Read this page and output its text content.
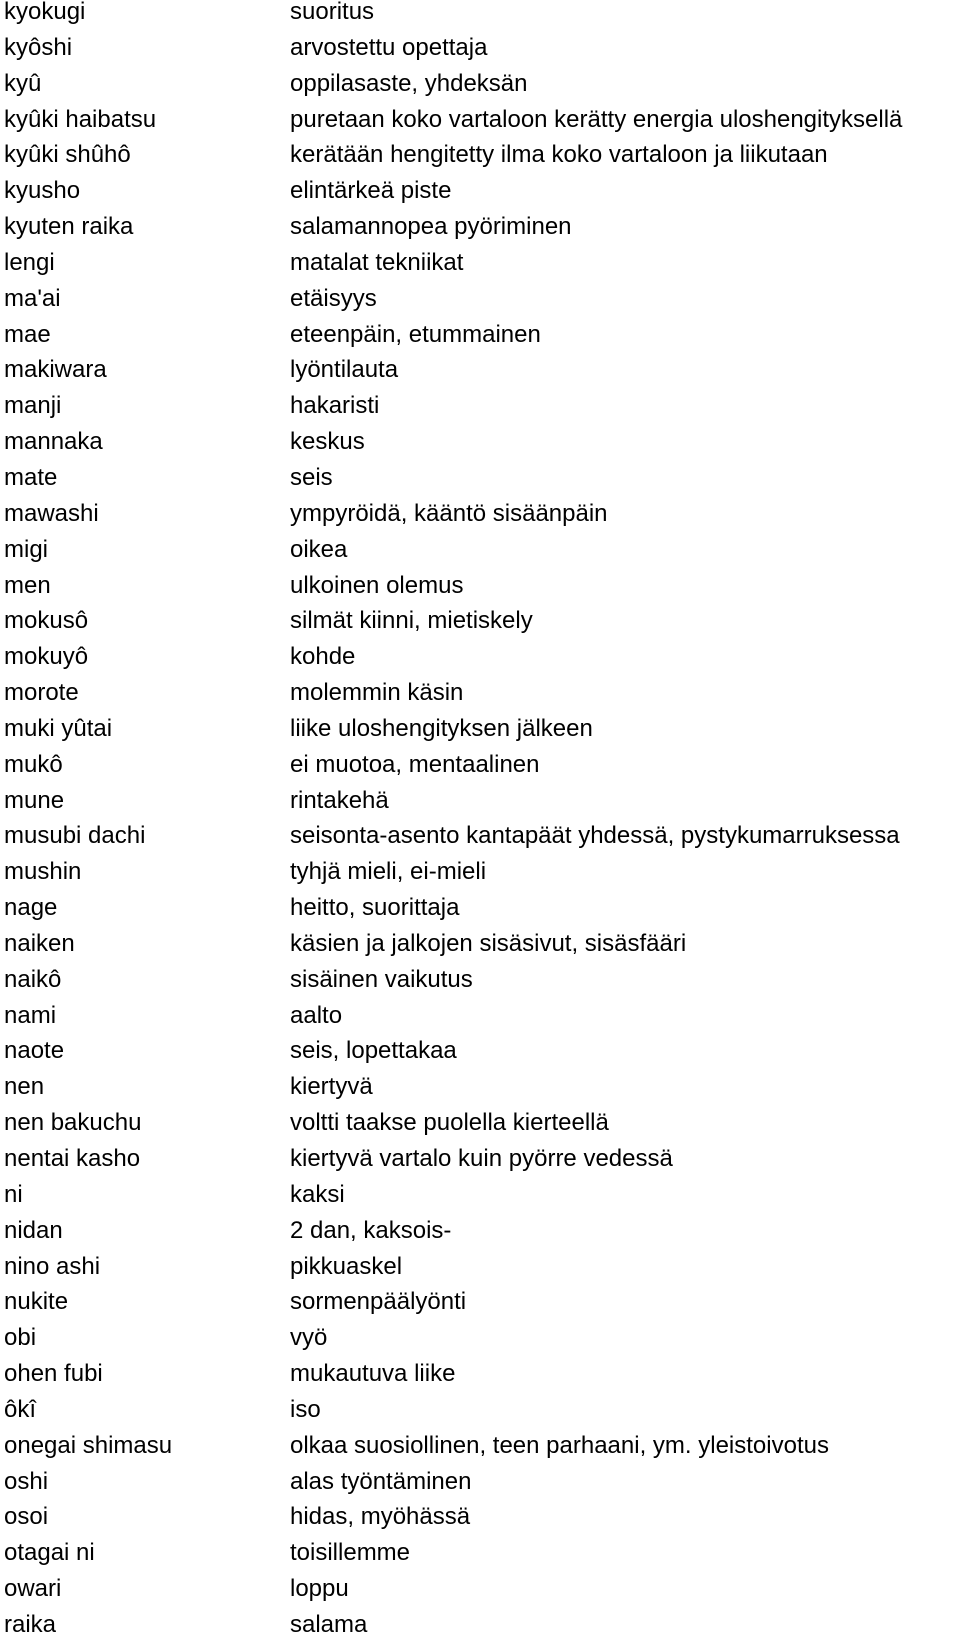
kyokugi	suoritus
kyôshi	arvostettu opettaja
kyû	oppilasaste, yhdeksän
kyûki haibatsu	puretaan koko vartaloon kerätty energia uloshengityksellä
kyûki shûhô	kerätään hengitetty ilma koko vartaloon ja liikutaan
kyusho	elintärkeä piste
kyuten raika	salamannopea pyöriminen
lengi	matalat tekniikat
ma'ai	etäisyys
mae	eteenpäin, etummainen
makiwara	lyöntilauta
manji	hakaristi
mannaka	keskus
mate	seis
mawashi	ympyröidä, kääntö sisäänpäin
migi	oikea
men	ulkoinen olemus
mokusô	silmät kiinni, mietiskely
mokuyô	kohde
morote	molemmin käsin
muki yûtai	liike uloshengityksen jälkeen
mukô	ei muotoa, mentaalinen
mune	rintakehä
musubi dachi	seisonta-asento kantapäät yhdessä, pystykumarruksessa
mushin	tyhjä mieli, ei-mieli
nage	heitto, suorittaja
naiken	käsien ja jalkojen sisäsivut, sisäsfääri
naikô	sisäinen vaikutus
nami	aalto
naote	seis, lopettakaa
nen	kiertyvä
nen bakuchu	voltti taakse puolella kierteellä
nentai kasho	kiertyvä vartalo kuin pyörre vedessä
ni	kaksi
nidan	2 dan, kaksois-
nino ashi	pikkuaskel
nukite	sormenpäälyönti
obi	vyö
ohen fubi	mukautuva liike
ôkî	iso
onegai shimasu	olkaa suosiollinen, teen parhaani, ym. yleistoivotus
oshi	alas työntäminen
osoi	hidas, myöhässä
otagai ni	toisillemme
owari	loppu
raika	salama
